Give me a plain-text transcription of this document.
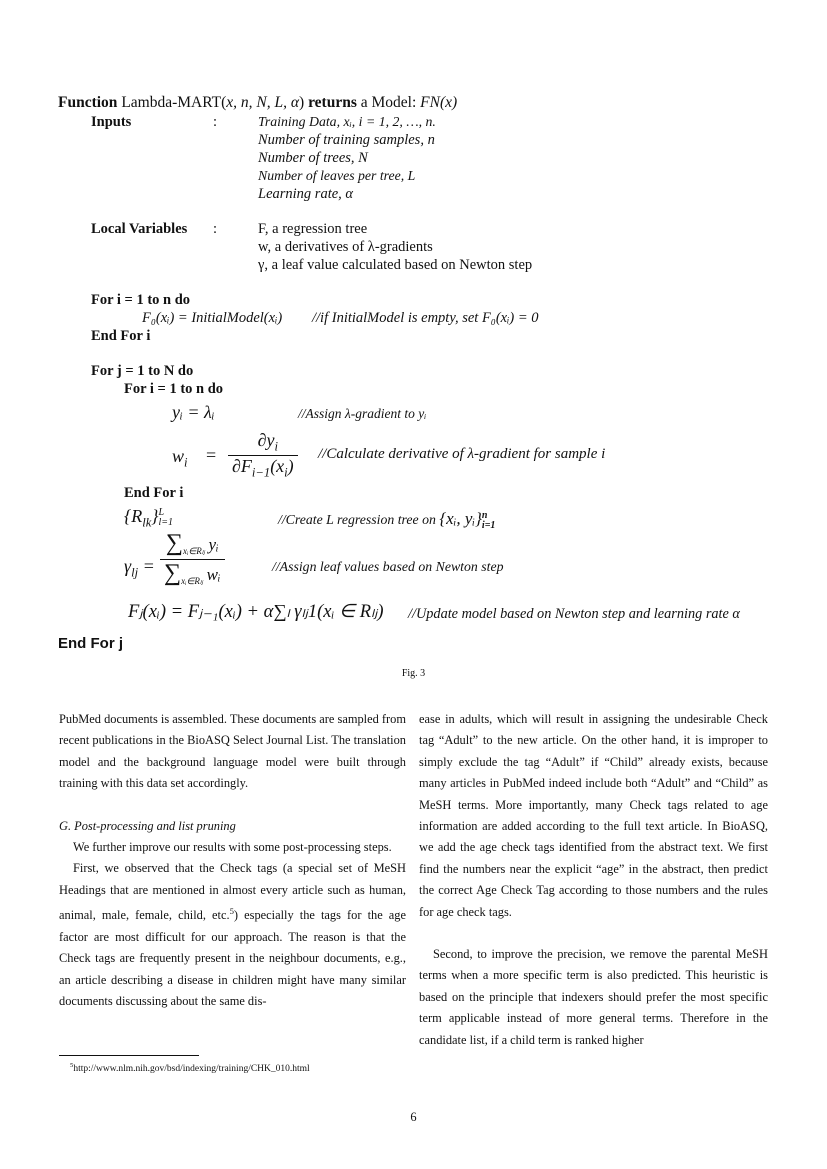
Function Lambda-MART(x, n, N, L, α) returns a Model: FN(x)
Inputs	:	Training Data, xᵢ, i = 1, 2, …, n.
Number of training samples, n
Number of trees, N
Number of leaves per tree, L
Learning rate, α
Local Variables :	F, a regression tree
w, a derivatives of λ-gradients
γ, a leaf value calculated based on Newton step
For i = 1 to n do
F₀(xᵢ) = InitialModel(xᵢ) //if InitialModel is empty, set F₀(xᵢ) = 0
End For i
For j = 1 to N do
For i = 1 to n do
yᵢ = λᵢ	//Assign λ-gradient to yᵢ
$w_i = \frac{\partial y_i}{\partial F_{i-1}(x_i)}$ //Calculate derivative of λ-gradient for sample i
End For i
$\{R_{lk}\}$ L
l=1	//Create L regression tree on {xᵢ, yᵢ} n
i=1
$\gamma_{lj} = \frac{\sum_{xᵢ\in R_lⱼ} yᵢ}{\sum_{xᵢ\in R_lⱼ} wᵢ}$	//Assign leaf values based on Newton step
Fⱼ(xᵢ) = Fⱼ₋₁(xᵢ) + α∑ₗ γₗⱼ1(xᵢ ∈ Rₗⱼ) //Update model based on Newton step and learning rate α
End For j
Fig. 3

PubMed documents is assembled. These documents are sampled from recent publications in the BioASQ Select Journal List. The translation model and the background language model were built through training with this data set accordingly.

G. Post-processing and list pruning

We further improve our results with some post-processing steps.

First, we observed that the Check tags (a special set of MeSH Headings that are mentioned in almost every article such as human, animal, male, female, child, etc.$^5$) especially the tags for the age factor are most difficult for our approach. The reason is that the Check tags are frequently present in the neighbour documents, e.g., an article describing a disease in children might have many similar documents discussing about the same dis-

$^5$http://www.nlm.nih.gov/bsd/indexing/training/CHK_010.html

ease in adults, which will result in assigning the undesirable Check tag “Adult” to the new article. On the other hand, it is improper to simply exclude the tag “Adult” if “Child” already exists, because many articles in PubMed indeed include both “Adult” and “Child” as MeSH terms. More importantly, many Check tags related to age information are added according to the full text article. In BioASQ, we add the age check tags identified from the abstract text. We first find the numbers near the explicit “age” in the abstract, then predict the correct Age Check Tag according to those numbers and the rules for age check tags.

Second, to improve the precision, we remove the parental MeSH terms when a more specific term is also predicted. This heuristic is based on the principle that indexers should prefer the most specific term applicable instead of more general terms. Therefore in the candidate list, if a child term is ranked higher

6
